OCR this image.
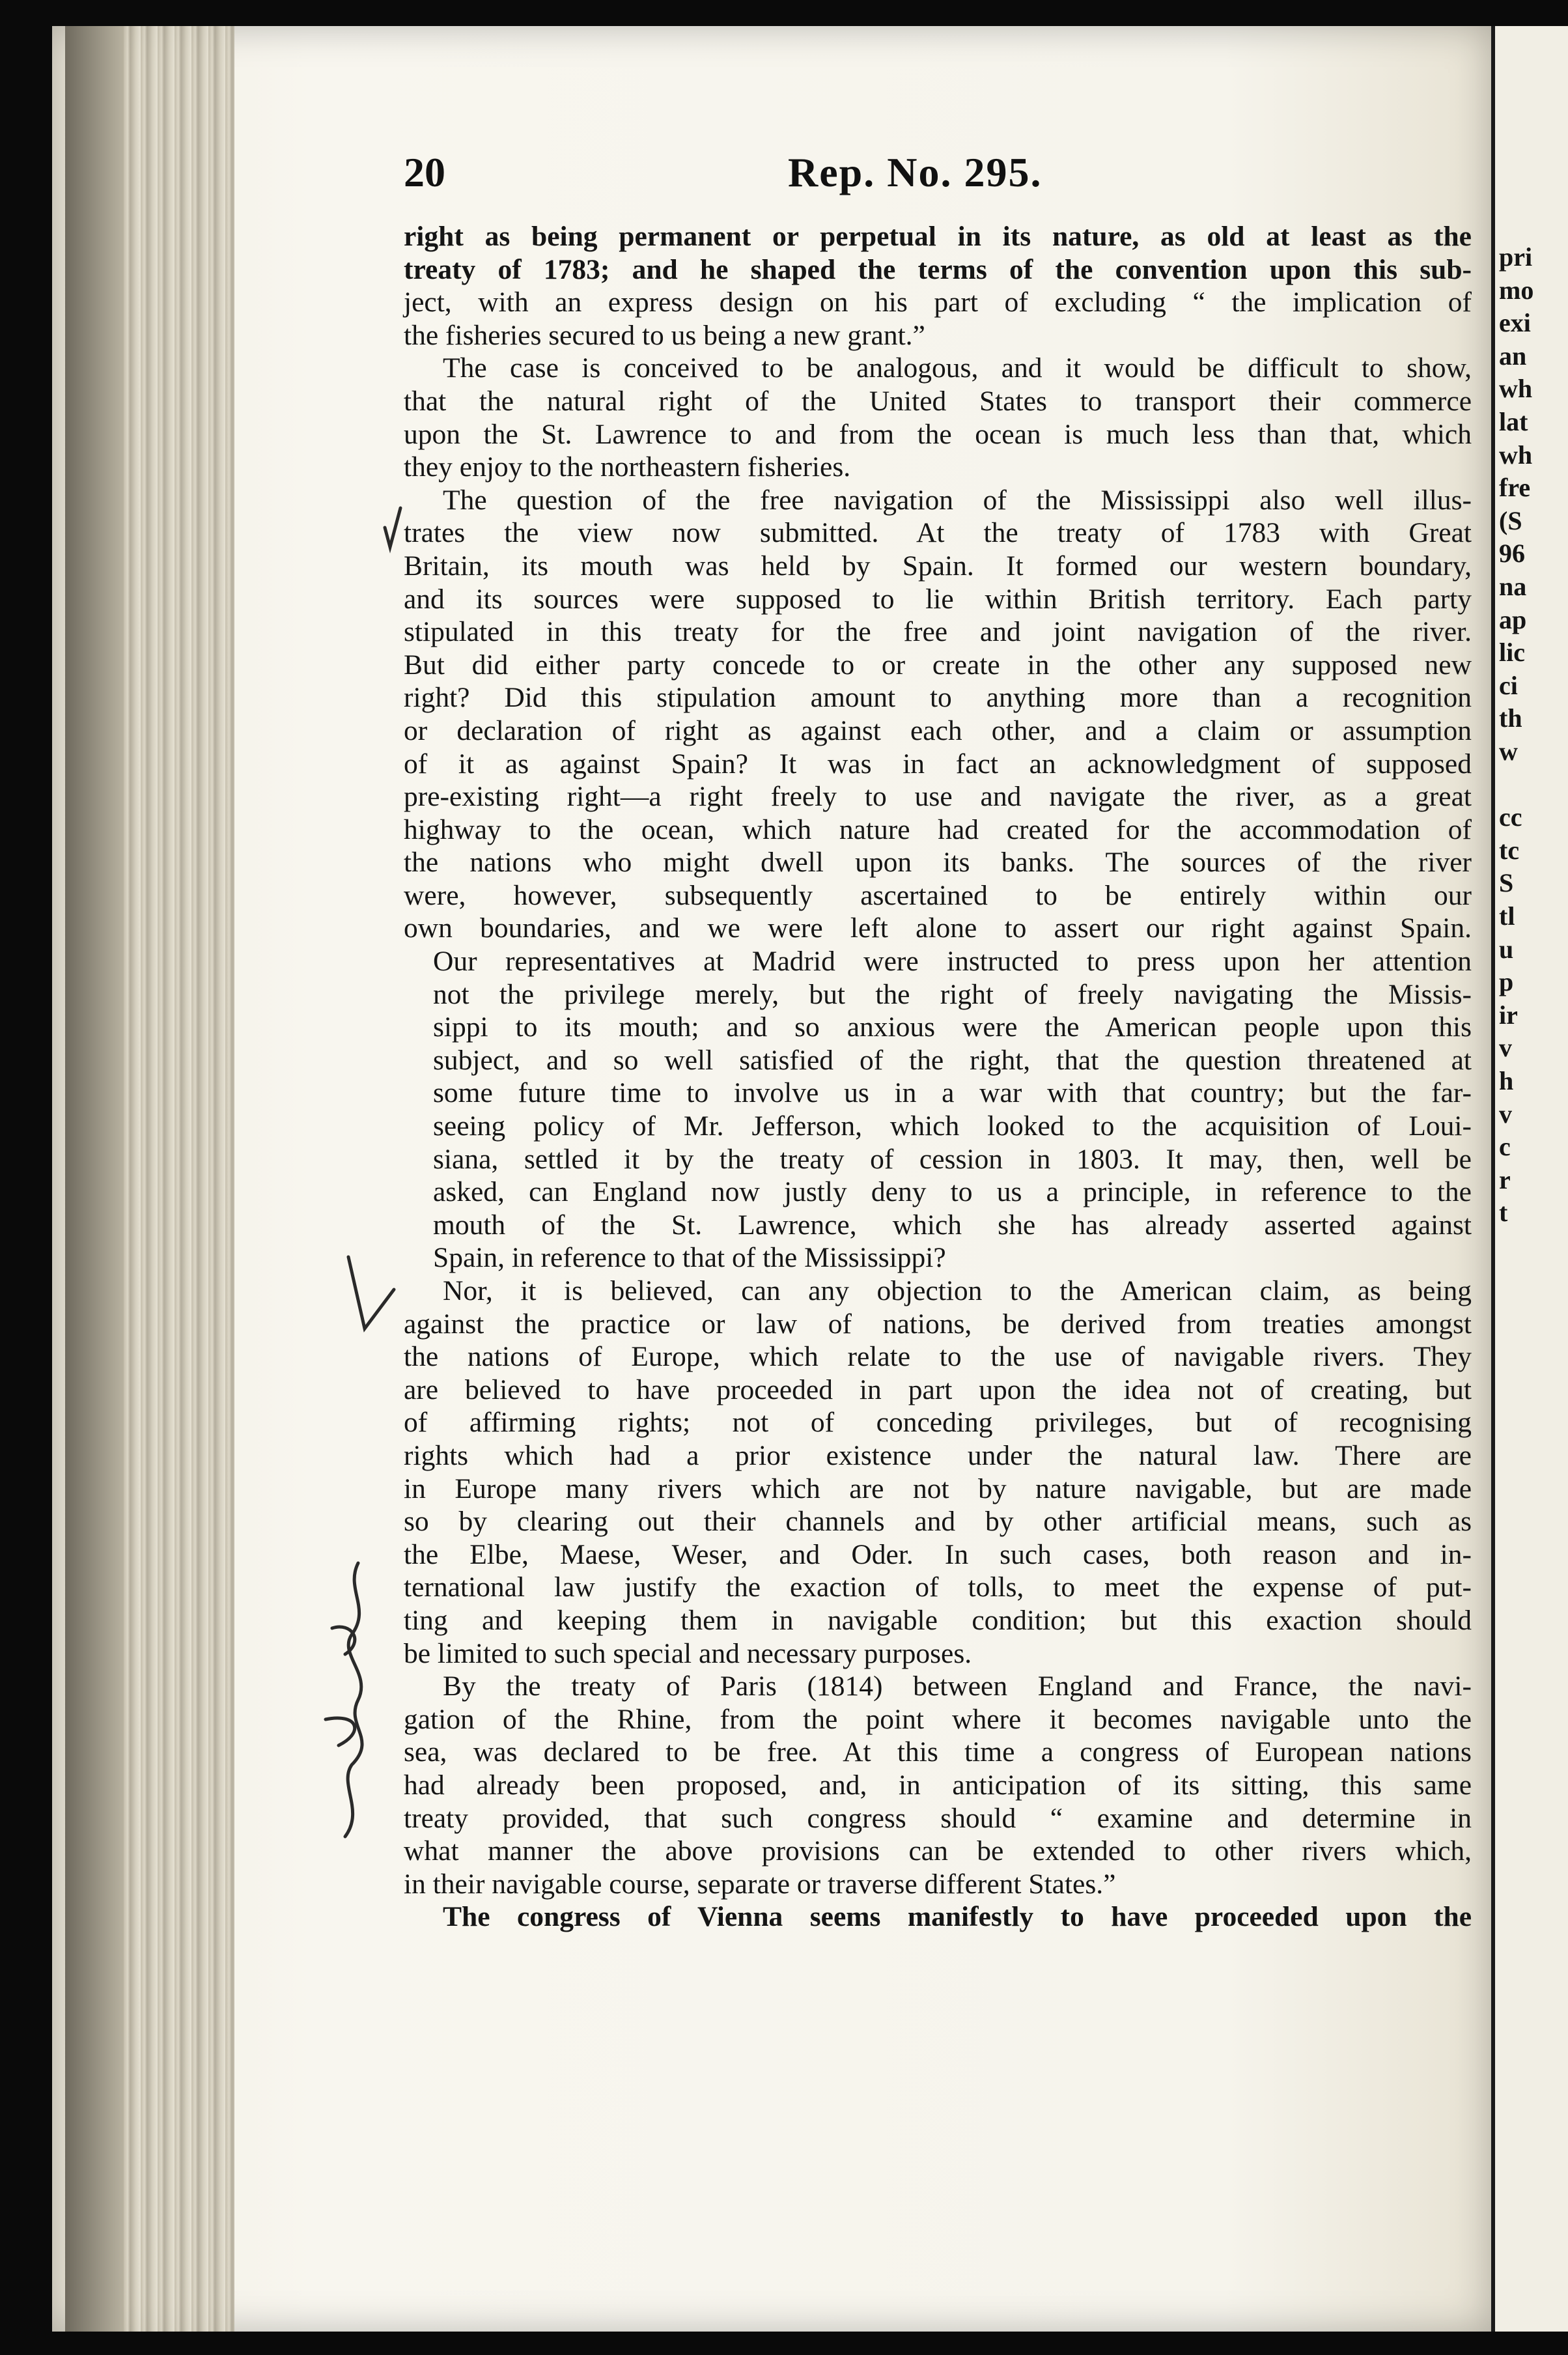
20	Rep. No. 295.
right as being permanent or perpetual in its nature, as old at least as the
treaty of 1783; and he shaped the terms of the convention upon this sub-
ject, with an express design on his part of excluding “ the implication of
the fisheries secured to us being a new grant.”
The case is conceived to be analogous, and it would be difficult to show,
that the natural right of the United States to transport their commerce
upon the St. Lawrence to and from the ocean is much less than that, which
they enjoy to the northeastern fisheries.
The question of the free navigation of the Mississippi also well illus-
trates the view now submitted. At the treaty of 1783 with Great
Britain, its mouth was held by Spain. It formed our western boundary,
and its sources were supposed to lie within British territory. Each party
stipulated in this treaty for the free and joint navigation of the river.
But did either party concede to or create in the other any supposed new
right? Did this stipulation amount to anything more than a recognition
or declaration of right as against each other, and a claim or assumption
of it as against Spain? It was in fact an acknowledgment of supposed
pre-existing right—a right freely to use and navigate the river, as a great
highway to the ocean, which nature had created for the accommodation of
the nations who might dwell upon its banks. The sources of the river
were, however, subsequently ascertained to be entirely within our
own boundaries, and we were left alone to assert our right against Spain.
Our representatives at Madrid were instructed to press upon her attention
not the privilege merely, but the right of freely navigating the Missis-
sippi to its mouth; and so anxious were the American people upon this
subject, and so well satisfied of the right, that the question threatened at
some future time to involve us in a war with that country; but the far-
seeing policy of Mr. Jefferson, which looked to the acquisition of Loui-
siana, settled it by the treaty of cession in 1803. It may, then, well be
asked, can England now justly deny to us a principle, in reference to the
mouth of the St. Lawrence, which she has already asserted against
Spain, in reference to that of the Mississippi?
Nor, it is believed, can any objection to the American claim, as being
against the practice or law of nations, be derived from treaties amongst
the nations of Europe, which relate to the use of navigable rivers. They
are believed to have proceeded in part upon the idea not of creating, but
of affirming rights; not of conceding privileges, but of recognising
rights which had a prior existence under the natural law. There are
in Europe many rivers which are not by nature navigable, but are made
so by clearing out their channels and by other artificial means, such as
the Elbe, Maese, Weser, and Oder. In such cases, both reason and in-
ternational law justify the exaction of tolls, to meet the expense of put-
ting and keeping them in navigable condition; but this exaction should
be limited to such special and necessary purposes.
By the treaty of Paris (1814) between England and France, the navi-
gation of the Rhine, from the point where it becomes navigable unto the
sea, was declared to be free. At this time a congress of European nations
had already been proposed, and, in anticipation of its sitting, this same
treaty provided, that such congress should “ examine and determine in
what manner the above provisions can be extended to other rivers which,
in their navigable course, separate or traverse different States.”
The congress of Vienna seems manifestly to have proceeded upon the
pri
mo
exi
an
wh
lat
wh
fre
(S
96
na
ap
lic
ci
th
w
cc
tc
S
tl
u
p
ir
v
h
v
c
r
t
